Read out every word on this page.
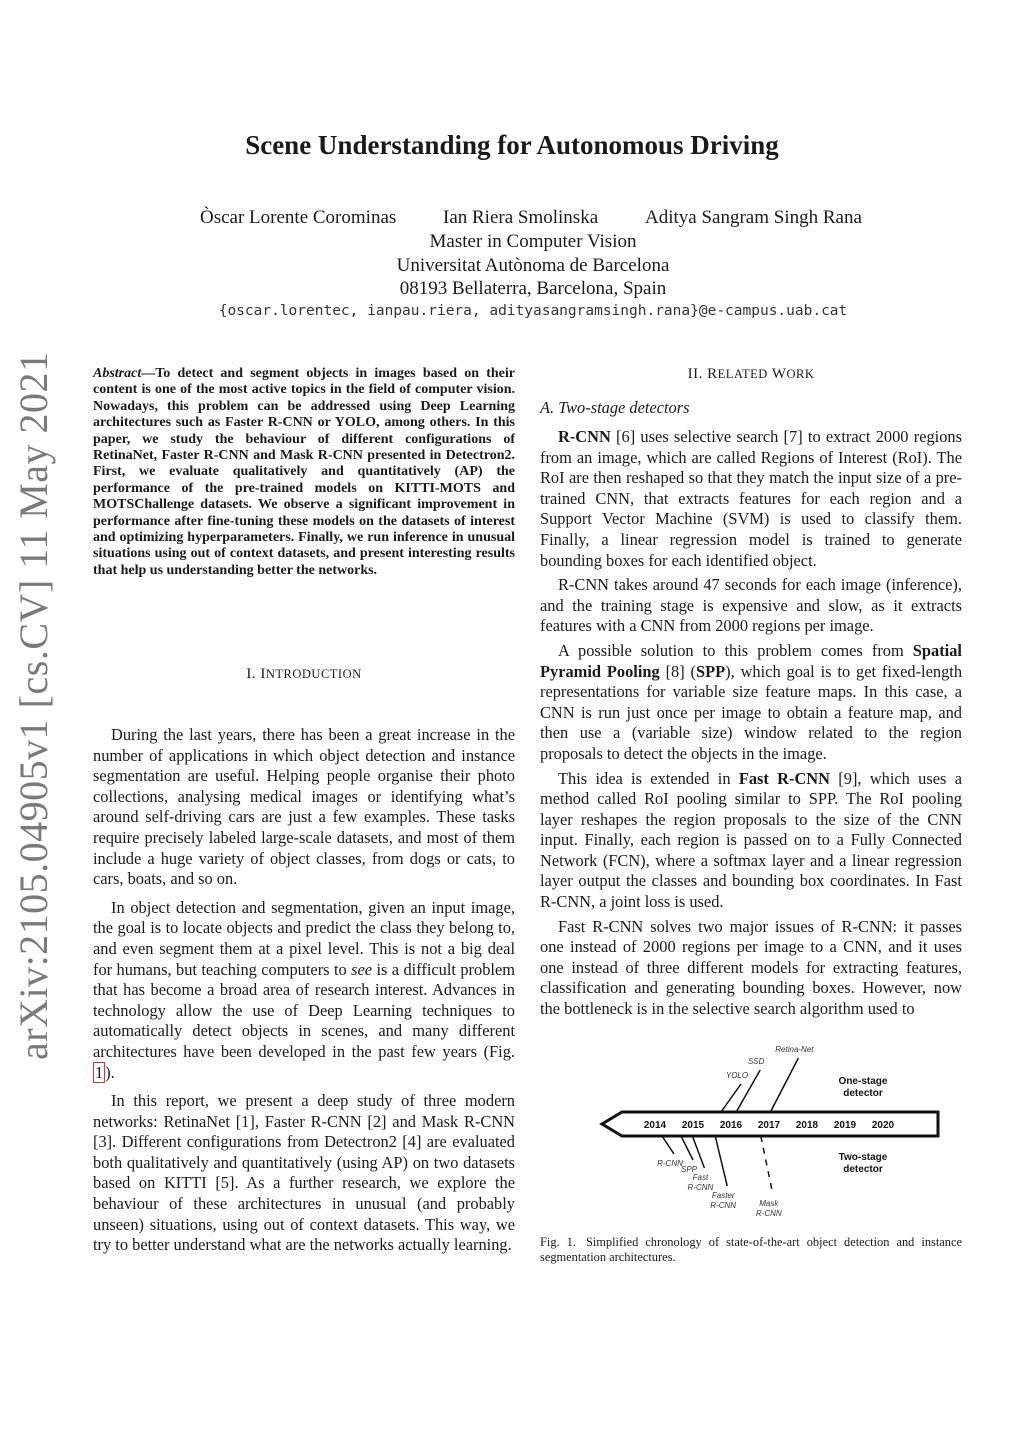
Scene Understanding for Autonomous Driving
Òscar Lorente Corominas Ian Riera Smolinska Aditya Sangram Singh Rana
Master in Computer Vision
Universitat Autònoma de Barcelona
08193 Bellaterra, Barcelona, Spain
{oscar.lorentec, ianpau.riera, adityasangramsingh.rana}@e-campus.uab.cat
arXiv:2105.04905v1 [cs.CV] 11 May 2021	Abstract—To detect and segment objects in images based on their content is one of the most active topics in the field of computer vision. Nowadays, this problem can be addressed using Deep Learning architectures such as Faster R-CNN or YOLO, among others. In this paper, we study the behaviour of different configurations of RetinaNet, Faster R-CNN and Mask R-CNN presented in Detectron2. First, we evaluate qualitatively and quantitatively (AP) the performance of the pre-trained models on KITTI-MOTS and MOTSChallenge datasets. We observe a significant improvement in performance after fine-tuning these models on the datasets of interest and optimizing hyperparameters. Finally, we run inference in unusual situations using out of context datasets, and present interesting results that help us understanding better the networks.
I. INTRODUCTION

During the last years, there has been a great increase in the number of applications in which object detection and instance segmentation are useful. Helping people organise their photo collections, analysing medical images or identifying what’s around self-driving cars are just a few examples. These tasks require precisely labeled large-scale datasets, and most of them include a huge variety of object classes, from dogs or cats, to cars, boats, and so on.

In object detection and segmentation, given an input image, the goal is to locate objects and predict the class they belong to, and even segment them at a pixel level. This is not a big deal for humans, but teaching computers to see is a difficult problem that has become a broad area of research interest. Advances in technology allow the use of Deep Learning techniques to automatically detect objects in scenes, and many different architectures have been developed in the past few years (Fig. 1 ).

In this report, we present a deep study of three modern networks: RetinaNet [1], Faster R-CNN [2] and Mask R-CNN [3]. Different configurations from Detectron2 [4] are evaluated both qualitatively and quantitatively (using AP) on two datasets based on KITTI [5]. As a further research, we explore the behaviour of these architectures in unusual (and probably unseen) situations, using out of context datasets. This way, we try to better understand what are the networks actually learning.

II. RELATED WORK
A. Two-stage detectors

R-CNN [6] uses selective search [7] to extract 2000 regions from an image, which are called Regions of Interest (RoI). The RoI are then reshaped so that they match the input size of a pre-trained CNN, that extracts features for each region and a Support Vector Machine (SVM) is used to classify them. Finally, a linear regression model is trained to generate bounding boxes for each identified object.

R-CNN takes around 47 seconds for each image (inference), and the training stage is expensive and slow, as it extracts features with a CNN from 2000 regions per image.

A possible solution to this problem comes from Spatial Pyramid Pooling [8] (SPP), which goal is to get fixed-length representations for variable size feature maps. In this case, a CNN is run just once per image to obtain a feature map, and then use a (variable size) window related to the region proposals to detect the objects in the image.

This idea is extended in Fast R-CNN [9], which uses a method called RoI pooling similar to SPP. The RoI pooling layer reshapes the region proposals to the size of the CNN input. Finally, each region is passed on to a Fully Connected Network (FCN), where a softmax layer and a linear regression layer output the classes and bounding box coordinates. In Fast R-CNN, a joint loss is used.

Fast R-CNN solves two major issues of R-CNN: it passes one instead of 2000 regions per image to a CNN, and it uses one instead of three different models for extracting features, classification and generating bounding boxes. However, now the bottleneck is in the selective search algorithm used to

2014 2015 2016 2017 2018 2019 2020
One-stage
detector
Two-stage
detector
YOLO
SSD
Retina-Net
R-CNN
SPP
Fast
R-CNN
Faster
R-CNN	Mask
R-CNN
Fig. 1. Simplified chronology of state-of-the-art object detection and instance segmentation architectures.
